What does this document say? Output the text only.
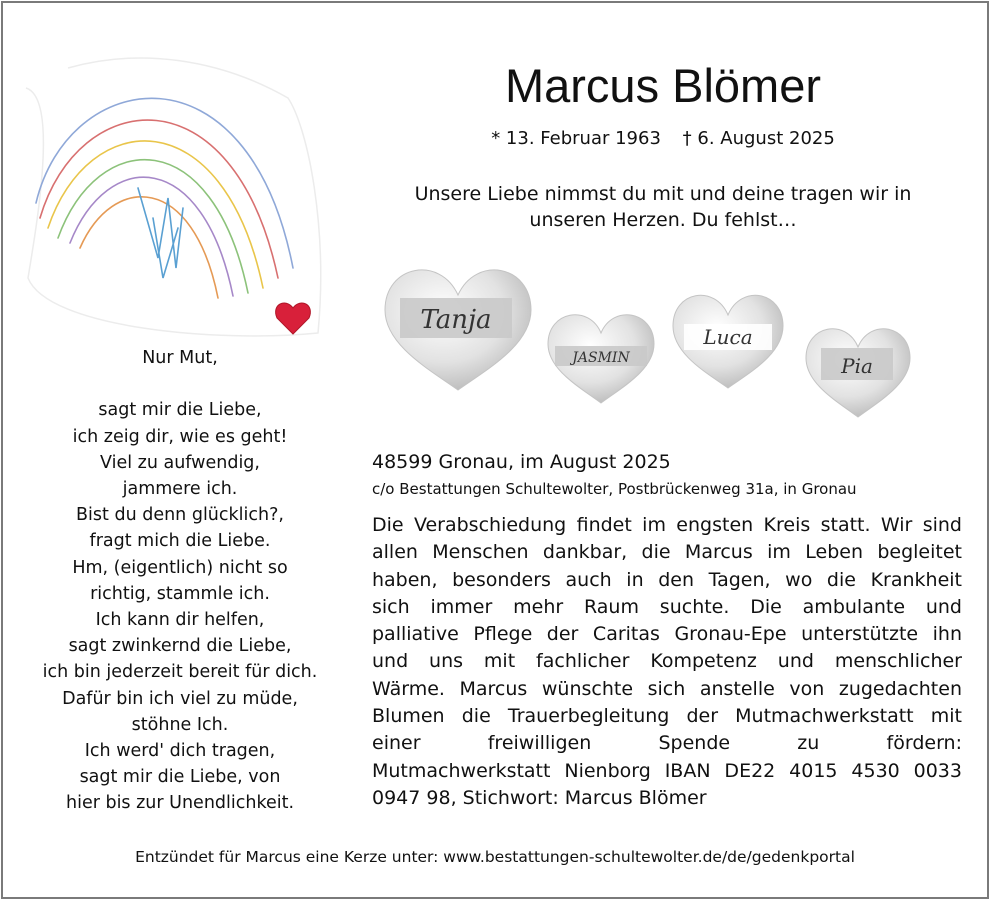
Marcus Blömer
* 13. Februar 1963 † 6. August 2025
Unsere Liebe nimmst du mit und deine tragen wir in
unseren Herzen. Du fehlst…
Tanja
JASMIN
Luca
Pia
Nur Mut,
sagt mir die Liebe,
ich zeig dir, wie es geht!
Viel zu aufwendig,
jammere ich.
Bist du denn glücklich?,
fragt mich die Liebe.
Hm, (eigentlich) nicht so
richtig, stammle ich.
Ich kann dir helfen,
sagt zwinkernd die Liebe,
ich bin jederzeit bereit für dich.
Dafür bin ich viel zu müde,
stöhne Ich.
Ich werd' dich tragen,
sagt mir die Liebe, von
hier bis zur Unendlichkeit.
48599 Gronau, im August 2025
c/o Bestattungen Schultewolter, Postbrückenweg 31a, in Gronau
Die Verabschiedung findet im engsten Kreis statt. Wir sind
allen Menschen dankbar, die Marcus im Leben begleitet
haben, besonders auch in den Tagen, wo die Krankheit
sich immer mehr Raum suchte. Die ambulante und
palliative Pflege der Caritas Gronau-Epe unterstützte ihn
und uns mit fachlicher Kompetenz und menschlicher
Wärme. Marcus wünschte sich anstelle von zugedachten
Blumen die Trauerbegleitung der Mutmachwerkstatt mit
einer freiwilligen Spende zu fördern:
Mutmachwerkstatt Nienborg IBAN DE22 4015 4530 0033
0947 98, Stichwort: Marcus Blömer
Entzündet für Marcus eine Kerze unter: www.bestattungen-schultewolter.de/de/gedenkportal
